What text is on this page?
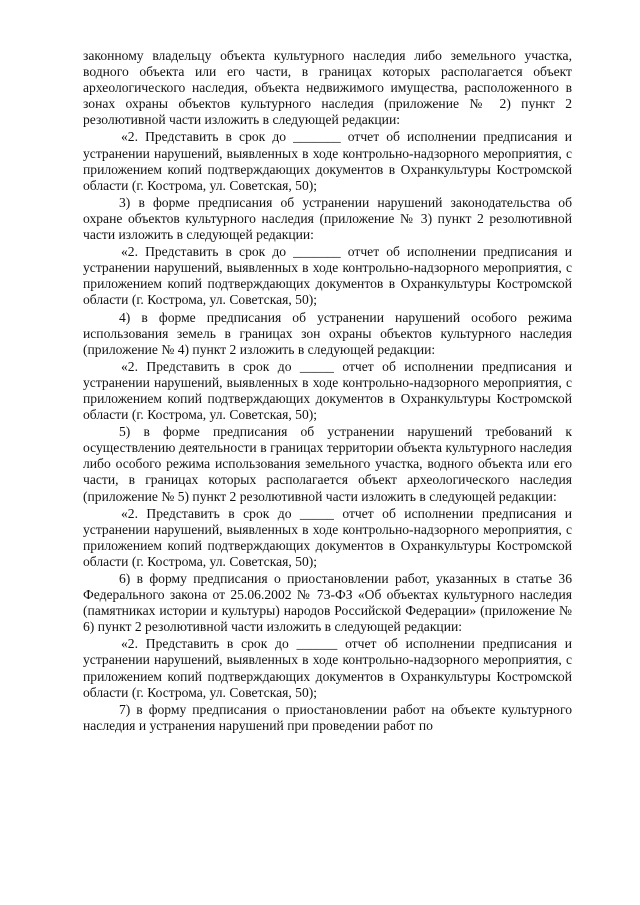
законному владельцу объекта культурного наследия либо земельного участка, водного объекта или его части, в границах которых располагается объект археологического наследия, объекта недвижимого имущества, расположенного в зонах охраны объектов культурного наследия (приложение № 2) пункт 2 резолютивной части изложить в следующей редакции:

«2. Представить в срок до _______ отчет об исполнении предписания и устранении нарушений, выявленных в ходе контрольно-надзорного мероприятия, с приложением копий подтверждающих документов в Охранкультуры Костромской области (г. Кострома, ул. Советская, 50);

3) в форме предписания об устранении нарушений законодательства об охране объектов культурного наследия (приложение № 3) пункт 2 резолютивной части изложить в следующей редакции:

«2. Представить в срок до _______ отчет об исполнении предписания и устранении нарушений, выявленных в ходе контрольно-надзорного мероприятия, с приложением копий подтверждающих документов в Охранкультуры Костромской области (г. Кострома, ул. Советская, 50);

4) в форме предписания об устранении нарушений особого режима использования земель в границах зон охраны объектов культурного наследия (приложение № 4) пункт 2 изложить в следующей редакции:

«2. Представить в срок до _____ отчет об исполнении предписания и устранении нарушений, выявленных в ходе контрольно-надзорного мероприятия, с приложением копий подтверждающих документов в Охранкультуры Костромской области (г. Кострома, ул. Советская, 50);

5) в форме предписания об устранении нарушений требований к осуществлению деятельности в границах территории объекта культурного наследия либо особого режима использования земельного участка, водного объекта или его части, в границах которых располагается объект археологического наследия (приложение № 5) пункт 2 резолютивной части изложить в следующей редакции:

«2. Представить в срок до _____ отчет об исполнении предписания и устранении нарушений, выявленных в ходе контрольно-надзорного мероприятия, с приложением копий подтверждающих документов в Охранкультуры Костромской области (г. Кострома, ул. Советская, 50);

6) в форму предписания о приостановлении работ, указанных в статье 36 Федерального закона от 25.06.2002 № 73-ФЗ «Об объектах культурного наследия (памятниках истории и культуры) народов Российской Федерации» (приложение № 6) пункт 2 резолютивной части изложить в следующей редакции:

«2. Представить в срок до ______ отчет об исполнении предписания и устранении нарушений, выявленных в ходе контрольно-надзорного мероприятия, с приложением копий подтверждающих документов в Охранкультуры Костромской области (г. Кострома, ул. Советская, 50);

7) в форму предписания о приостановлении работ на объекте культурного наследия и устранения нарушений при проведении работ по
